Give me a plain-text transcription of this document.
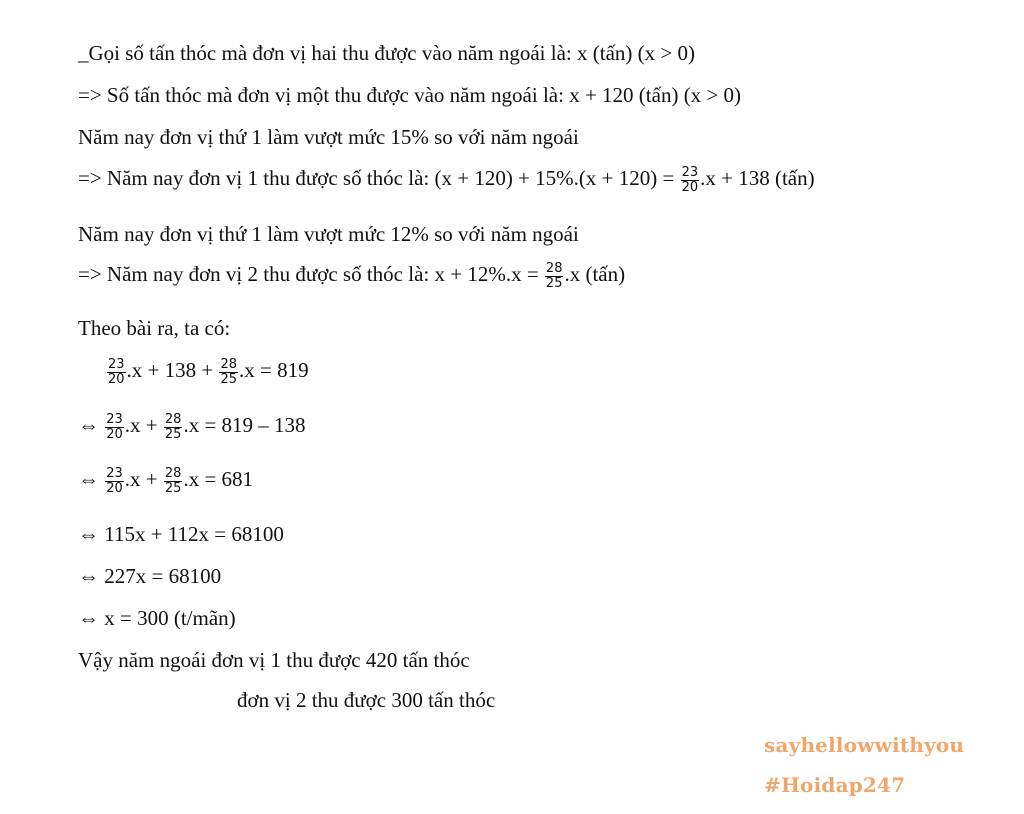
_Gọi số tấn thóc mà đơn vị hai thu được vào năm ngoái là: x (tấn) (x > 0)
=> Số tấn thóc mà đơn vị một thu được vào năm ngoái là: x + 120 (tấn) (x > 0)
Năm nay đơn vị thứ 1 làm vượt mức 15% so với năm ngoái
=> Năm nay đơn vị 1 thu được số thóc là: $(x + 120) + 15\%.(x + 120) = \frac{23}{20} .x + 138$ (tấn)
Năm nay đơn vị thứ 1 làm vượt mức 12% so với năm ngoái
=> Năm nay đơn vị 2 thu được số thóc là: $x + 12\%.x = \frac{28}{25} .x$ (tấn)
Theo bài ra, ta có:
$\frac{23}{20} .x + 138 + \frac{28}{25} .x = 819$
⇔ $\frac{23}{20} .x + \frac{28}{25} .x = 819 - 138$
⇔ $\frac{23}{20} .x + \frac{28}{25} .x = 681$
⇔ 115x + 112x = 68100
⇔ 227x = 68100
⇔ x = 300 (t/mãn)
Vậy năm ngoái đơn vị 1 thu được 420 tấn thóc
đơn vị 2 thu được 300 tấn thóc
sayhellowwithyou
#Hoidap247
